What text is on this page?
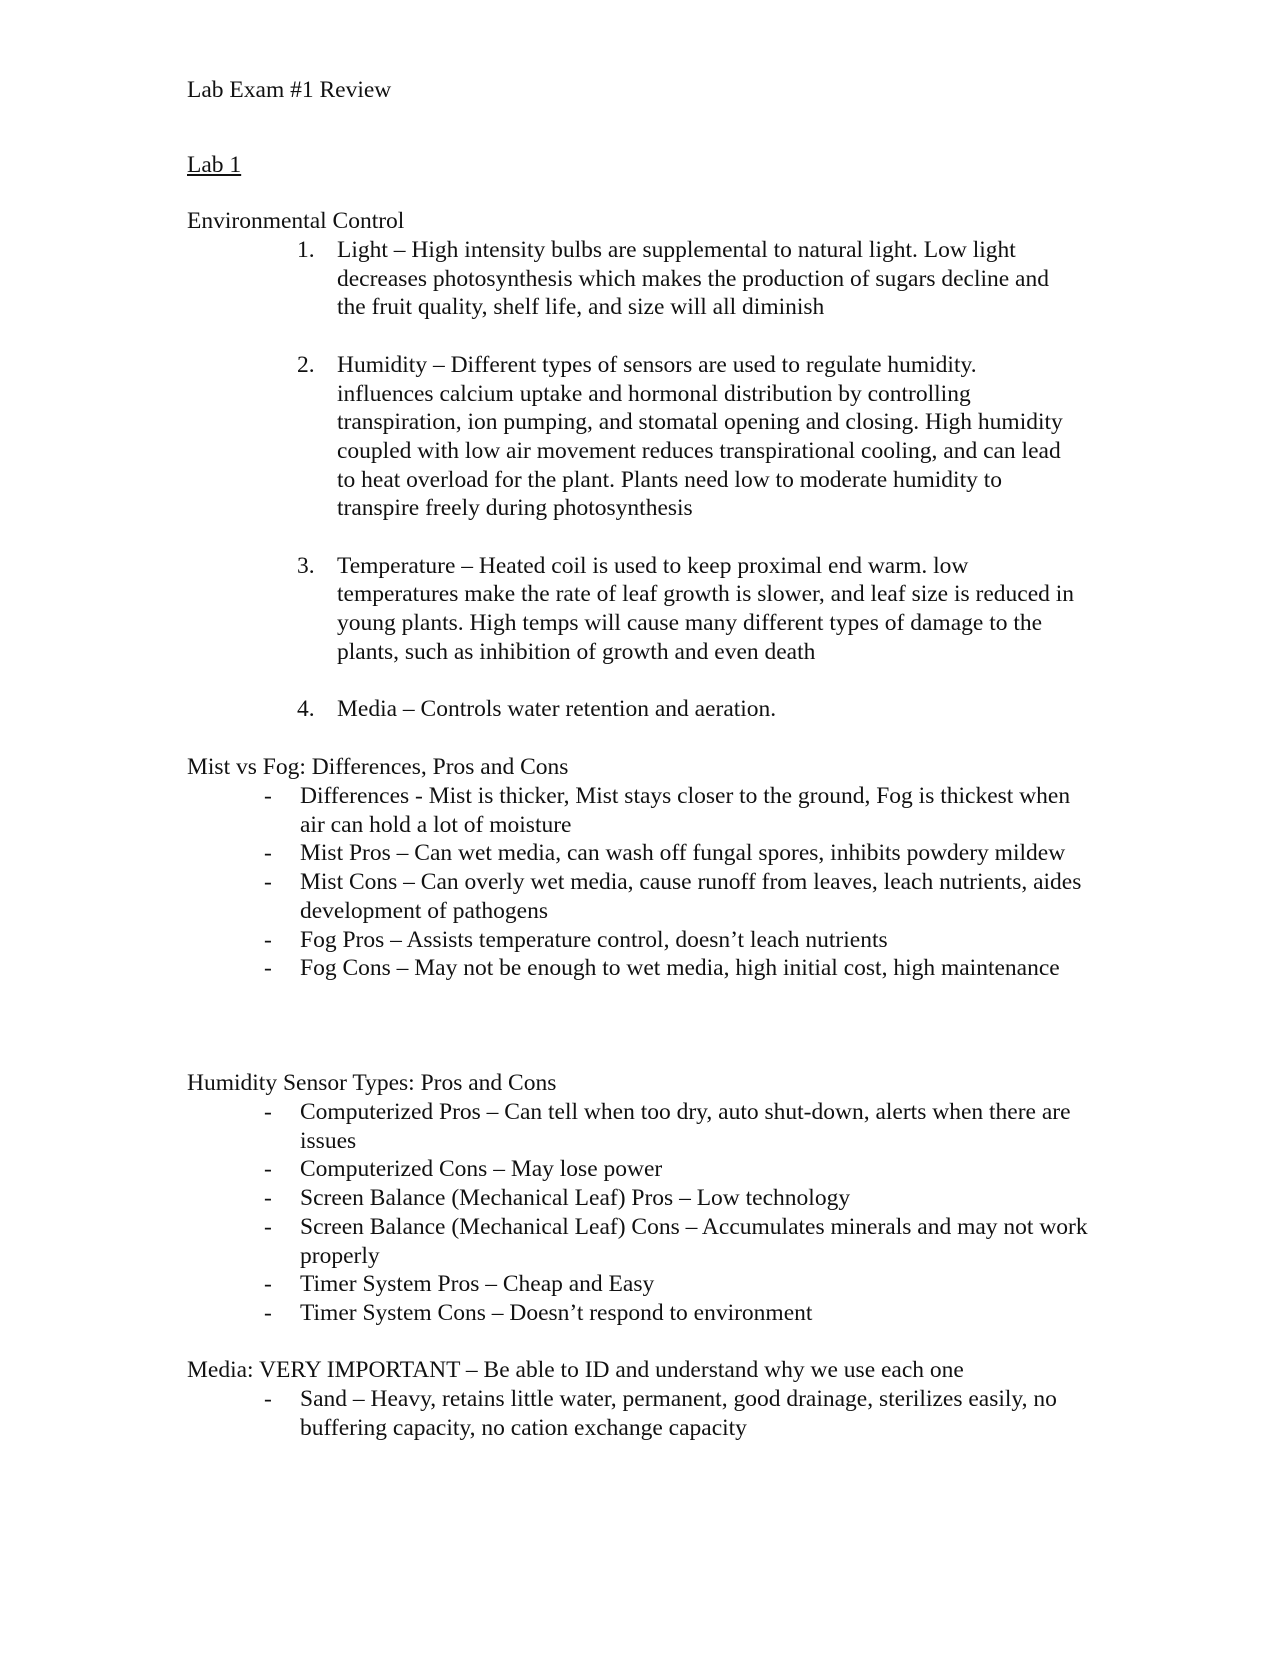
Lab Exam #1 Review
Lab 1
Environmental Control
1. Light – High intensity bulbs are supplemental to natural light. Low light decreases photosynthesis which makes the production of sugars decline and the fruit quality, shelf life, and size will all diminish
2. Humidity – Different types of sensors are used to regulate humidity. influences calcium uptake and hormonal distribution by controlling transpiration, ion pumping, and stomatal opening and closing. High humidity coupled with low air movement reduces transpirational cooling, and can lead to heat overload for the plant. Plants need low to moderate humidity to transpire freely during photosynthesis
3. Temperature – Heated coil is used to keep proximal end warm. low temperatures make the rate of leaf growth is slower, and leaf size is reduced in young plants. High temps will cause many different types of damage to the plants, such as inhibition of growth and even death
4. Media – Controls water retention and aeration.
Mist vs Fog: Differences, Pros and Cons
- Differences - Mist is thicker, Mist stays closer to the ground, Fog is thickest when air can hold a lot of moisture
- Mist Pros – Can wet media, can wash off fungal spores, inhibits powdery mildew
- Mist Cons – Can overly wet media, cause runoff from leaves, leach nutrients, aides development of pathogens
- Fog Pros – Assists temperature control, doesn’t leach nutrients
- Fog Cons – May not be enough to wet media, high initial cost, high maintenance
Humidity Sensor Types: Pros and Cons
- Computerized Pros – Can tell when too dry, auto shut-down, alerts when there are issues
- Computerized Cons – May lose power
- Screen Balance (Mechanical Leaf) Pros – Low technology
- Screen Balance (Mechanical Leaf) Cons – Accumulates minerals and may not work properly
- Timer System Pros – Cheap and Easy
- Timer System Cons – Doesn’t respond to environment
Media: VERY IMPORTANT – Be able to ID and understand why we use each one
- Sand – Heavy, retains little water, permanent, good drainage, sterilizes easily, no buffering capacity, no cation exchange capacity
